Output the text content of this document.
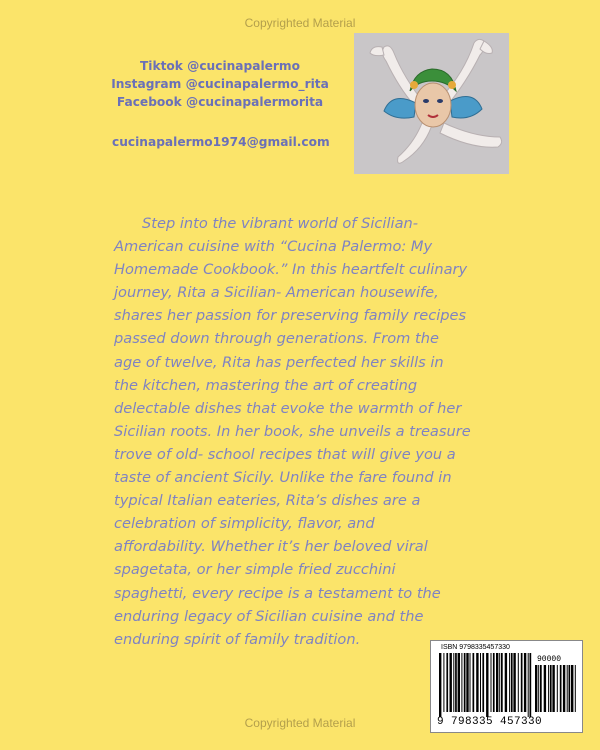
Copyrighted Material
Tiktok @cucinapalermo
Instagram @cucinapalermo_rita
Facebook @cucinapalermorita
cucinapalermo1974@gmail.com

Step into the vibrant world of Sicilian-
American cuisine with “Cucina Palermo: My
Homemade Cookbook.” In this heartfelt culinary
journey, Rita a Sicilian- American housewife,
shares her passion for preserving family recipes
passed down through generations. From the
age of twelve, Rita has perfected her skills in
the kitchen, mastering the art of creating
delectable dishes that evoke the warmth of her
Sicilian roots. In her book, she unveils a treasure
trove of old- school recipes that will give you a
taste of ancient Sicily. Unlike the fare found in
typical Italian eateries, Rita’s dishes are a
celebration of simplicity, flavor, and
affordability. Whether it’s her beloved viral
spagetata, or her simple fried zucchini
spaghetti, every recipe is a testament to the
enduring legacy of Sicilian cuisine and the
enduring spirit of family tradition.	ISBN 9798335457330
90000
9 798335 457330
Copyrighted Material
